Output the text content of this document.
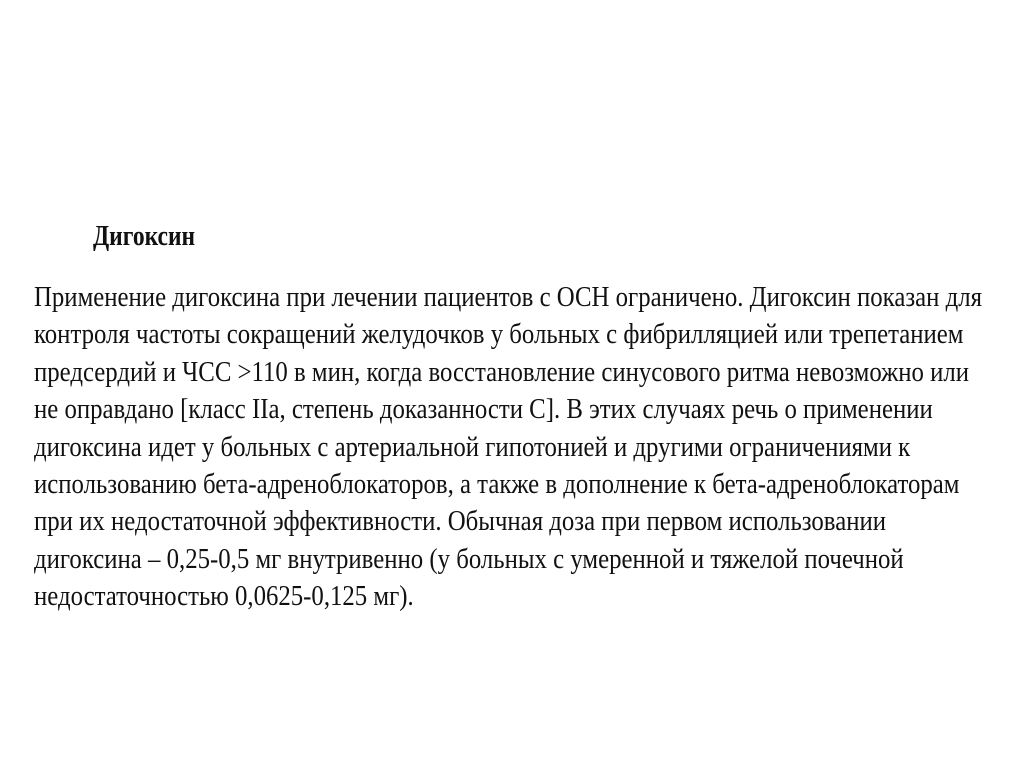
Дигоксин

Применение дигоксина при лечении пациентов с ОСН ограничено. Дигоксин показан для
контроля частоты сокращений желудочков у больных с фибрилляцией или трепетанием
предсердий и ЧСС >110 в мин, когда восстановление синусового ритма невозможно или
не оправдано [класс IIa, степень доказанности C]. В этих случаях речь о применении
дигоксина идет у больных с артериальной гипотонией и другими ограничениями к
использованию бета-адреноблокаторов, а также в дополнение к бета-адреноблокаторам
при их недостаточной эффективности. Обычная доза при первом использовании
дигоксина – 0,25-0,5 мг внутривенно (у больных с умеренной и тяжелой почечной
недостаточностью 0,0625-0,125 мг).
